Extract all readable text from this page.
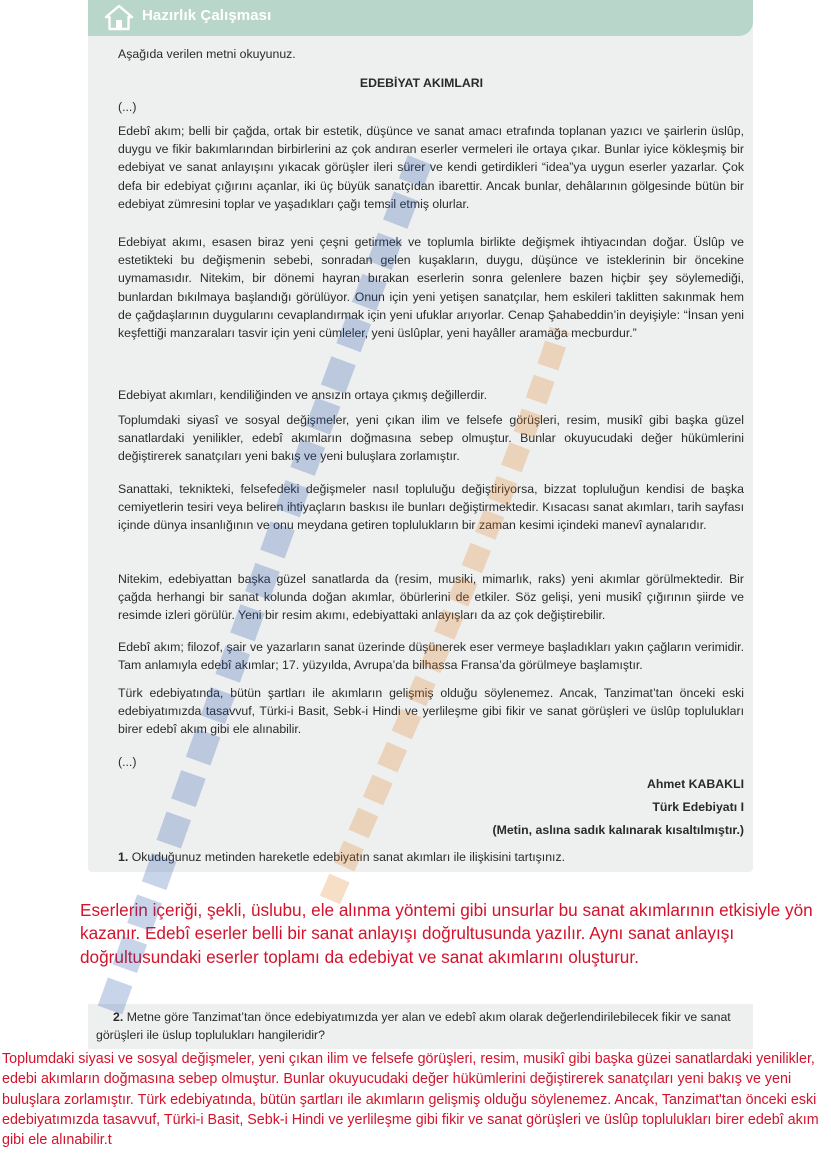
Hazırlık Çalışması
Aşağıda verilen metni okuyunuz.
EDEBİYAT AKIMLARI
(...)

Edebî akım; belli bir çağda, ortak bir estetik, düşünce ve sanat amacı etrafında toplanan yazıcı ve şairlerin üslûp, duygu ve fikir bakımlarından birbirlerini az çok andıran eserler vermeleri ile ortaya çıkar. Bunlar iyice kökleşmiş bir edebiyat ve sanat anlayışını yıkacak görüşler ileri sürer ve kendi getirdikleri “idea”ya uygun eserler yazarlar. Çok defa bir edebiyat çığırını açanlar, iki üç büyük sanatçıdan ibarettir. Ancak bunlar, dehâlarının gölgesinde bütün bir edebiyat zümresini toplar ve yaşadıkları çağı temsil etmiş olurlar.

Edebiyat akımı, esasen biraz yeni çeşni getirmek ve toplumla birlikte değişmek ihtiyacından doğar. Üslûp ve estetikteki bu değişmenin sebebi, sonradan gelen kuşakların, duygu, düşünce ve isteklerinin bir öncekine uymamasıdır. Nitekim, bir dönemi hayran bırakan eserlerin sonra gelenlere bazen hiçbir şey söylemediği, bunlardan bıkılmaya başlandığı görülüyor. Onun için yeni yetişen sanatçılar, hem eskileri taklitten sakınmak hem de çağdaşlarının duygularını cevaplandırmak için yeni ufuklar arıyorlar. Cenap Şahabeddin’in deyişiyle: “İnsan yeni keşfettiği manzaraları tasvir için yeni cümleler, yeni üslûplar, yeni hayâller aramağa mecburdur.”

Edebiyat akımları, kendiliğinden ve ansızın ortaya çıkmış değillerdir.

Toplumdaki siyasî ve sosyal değişmeler, yeni çıkan ilim ve felsefe görüşleri, resim, musikî gibi başka güzel sanatlardaki yenilikler, edebî akımların doğmasına sebep olmuştur. Bunlar okuyucudaki değer hükümlerini değiştirerek sanatçıları yeni bakış ve yeni buluşlara zorlamıştır.

Sanattaki, teknikteki, felsefedeki değişmeler nasıl topluluğu değiştiriyorsa, bizzat topluluğun kendisi de başka cemiyetlerin tesiri veya beliren ihtiyaçların baskısı ile bunları değiştirmektedir. Kısacası sanat akımları, tarih sayfası içinde dünya insanlığının ve onu meydana getiren toplulukların bir zaman kesimi içindeki manevî aynalarıdır.

Nitekim, edebiyattan başka güzel sanatlarda da (resim, musiki, mimarlık, raks) yeni akımlar görülmektedir. Bir çağda herhangi bir sanat kolunda doğan akımlar, öbürlerini de etkiler. Söz gelişi, yeni musikî çığırının şiirde ve resimde izleri görülür. Yeni bir resim akımı, edebiyattaki anlayışları da az çok değiştirebilir.

Edebî akım; filozof, şair ve yazarların sanat üzerinde düşünerek eser vermeye başladıkları yakın çağların verimidir. Tam anlamıyla edebî akımlar; 17. yüzyılda, Avrupa’da bilhassa Fransa’da görülmeye başlamıştır.

Türk edebiyatında, bütün şartları ile akımların gelişmiş olduğu söylenemez. Ancak, Tanzimat’tan önceki eski edebiyatımızda tasavvuf, Türki-i Basit, Sebk-i Hindi ve yerlileşme gibi fikir ve sanat görüşleri ve üslûp toplulukları birer edebî akım gibi ele alınabilir.

(...)
Ahmet KABAKLI
Türk Edebiyatı I
(Metin, aslına sadık kalınarak kısaltılmıştır.)
1. Okuduğunuz metinden hareketle edebiyatın sanat akımları ile ilişkisini tartışınız.

Eserlerin içeriği, şekli, üslubu, ele alınma yöntemi gibi unsurlar bu sanat akımlarının etkisiyle yön kazanır. Edebî eserler belli bir sanat anlayışı doğrultusunda yazılır. Aynı sanat anlayışı doğrultusundaki eserler toplamı da edebiyat ve sanat akımlarını oluşturur.

2. Metne göre Tanzimat’tan önce edebiyatımızda yer alan ve edebî akım olarak değerlendirilebilecek fikir ve sanat görüşleri ile üslup toplulukları hangileridir?

Toplumdaki siyasi ve sosyal değişmeler, yeni çıkan ilim ve felsefe görüşleri, resim, musikî gibi başka güzei sanatlardaki yenilikler, edebi akımların doğmasına sebep olmuştur. Bunlar okuyucudaki değer hükümlerini değiştirerek sanatçıları yeni bakış ve yeni buluşlara zorlamıştır. Türk edebiyatında, bütün şartları ile akımların gelişmiş olduğu söylenemez. Ancak, Tanzimat'tan önceki eski edebiyatımızda tasavvuf, Türki-i Basit, Sebk-i Hindi ve yerlileşme gibi fikir ve sanat görüşleri ve üslûp toplulukları birer edebî akım gibi ele alınabilir.t
